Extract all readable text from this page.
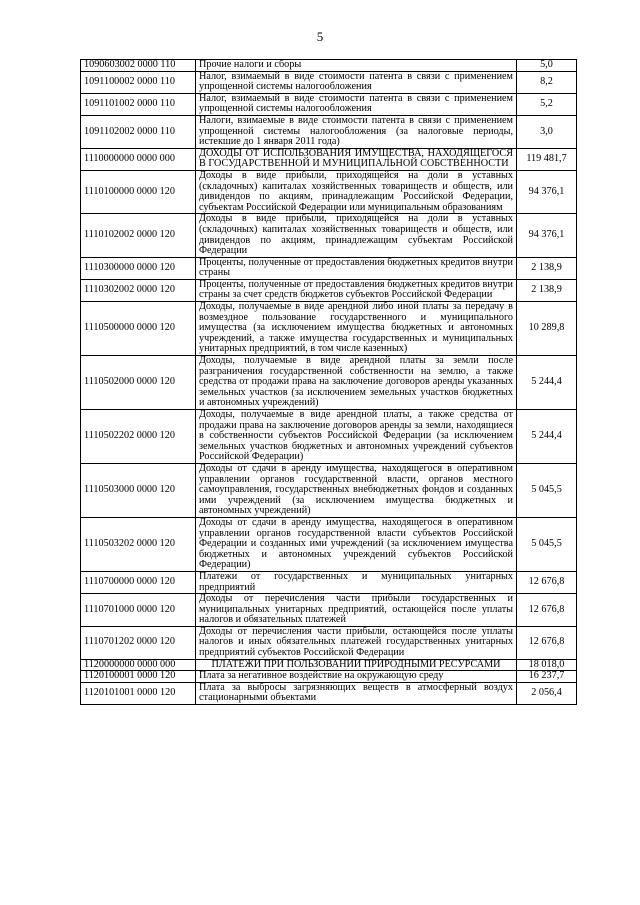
5
1090603002 0000 110	Прочие налоги и сборы	5,0
1091100002 0000 110	Налог, взимаемый в виде стоимости патента в связи с применением упрощенной системы налогообложения	8,2
1091101002 0000 110	Налог, взимаемый в виде стоимости патента в связи с применением упрощенной системы налогообложения	5,2
1091102002 0000 110	Налоги, взимаемые в виде стоимости патента в связи с применением упрощенной системы налогообложения (за налоговые периоды, истекшие до 1 января 2011 года)	3,0
1110000000 0000 000	ДОХОДЫ ОТ ИСПОЛЬЗОВАНИЯ ИМУЩЕСТВА, НАХОДЯЩЕГОСЯ В ГОСУДАРСТВЕННОЙ И МУНИЦИПАЛЬНОЙ СОБСТВЕННОСТИ	119 481,7
1110100000 0000 120	Доходы в виде прибыли, приходящейся на доли в уставных (складочных) капиталах хозяйственных товариществ и обществ, или дивидендов по акциям, принадлежащим Российской Федерации, субъектам Российской Федерации или муниципальным образованиям	94 376,1
1110102002 0000 120	Доходы в виде прибыли, приходящейся на доли в уставных (складочных) капиталах хозяйственных товариществ и обществ, или дивидендов по акциям, принадлежащим субъектам Российской Федерации	94 376,1
1110300000 0000 120	Проценты, полученные от предоставления бюджетных кредитов внутри страны	2 138,9
1110302002 0000 120	Проценты, полученные от предоставления бюджетных кредитов внутри страны за счет средств бюджетов субъектов Российской Федерации	2 138,9
1110500000 0000 120	Доходы, получаемые в виде арендной либо иной платы за передачу в возмездное пользование государственного и муниципального имущества (за исключением имущества бюджетных и автономных учреждений, а также имущества государственных и муниципальных унитарных предприятий, в том числе казенных)	10 289,8
1110502000 0000 120	Доходы, получаемые в виде арендной платы за земли после разграничения государственной собственности на землю, а также средства от продажи права на заключение договоров аренды указанных земельных участков (за исключением земельных участков бюджетных и автономных учреждений)	5 244,4
1110502202 0000 120	Доходы, получаемые в виде арендной платы, а также средства от продажи права на заключение договоров аренды за земли, находящиеся в собственности субъектов Российской Федерации (за исключением земельных участков бюджетных и автономных учреждений субъектов Российской Федерации)	5 244,4
1110503000 0000 120	Доходы от сдачи в аренду имущества, находящегося в оперативном управлении органов государственной власти, органов местного самоуправления, государственных внебюджетных фондов и созданных ими учреждений (за исключением имущества бюджетных и автономных учреждений)	5 045,5
1110503202 0000 120	Доходы от сдачи в аренду имущества, находящегося в оперативном управлении органов государственной власти субъектов Российской Федерации и созданных ими учреждений (за исключением имущества бюджетных и автономных учреждений субъектов Российской Федерации)	5 045,5
1110700000 0000 120	Платежи от государственных и муниципальных унитарных предприятий	12 676,8
1110701000 0000 120	Доходы от перечисления части прибыли государственных и муниципальных унитарных предприятий, остающейся после уплаты налогов и обязательных платежей	12 676,8
1110701202 0000 120	Доходы от перечисления части прибыли, остающейся после уплаты налогов и иных обязательных платежей государственных унитарных предприятий субъектов Российской Федерации	12 676,8
1120000000 0000 000	ПЛАТЕЖИ ПРИ ПОЛЬЗОВАНИИ ПРИРОДНЫМИ РЕСУРСАМИ	18 018,0
1120100001 0000 120	Плата за негативное воздействие на окружающую среду	16 237,7
1120101001 0000 120	Плата за выбросы загрязняющих веществ в атмосферный воздух стационарными объектами	2 056,4
